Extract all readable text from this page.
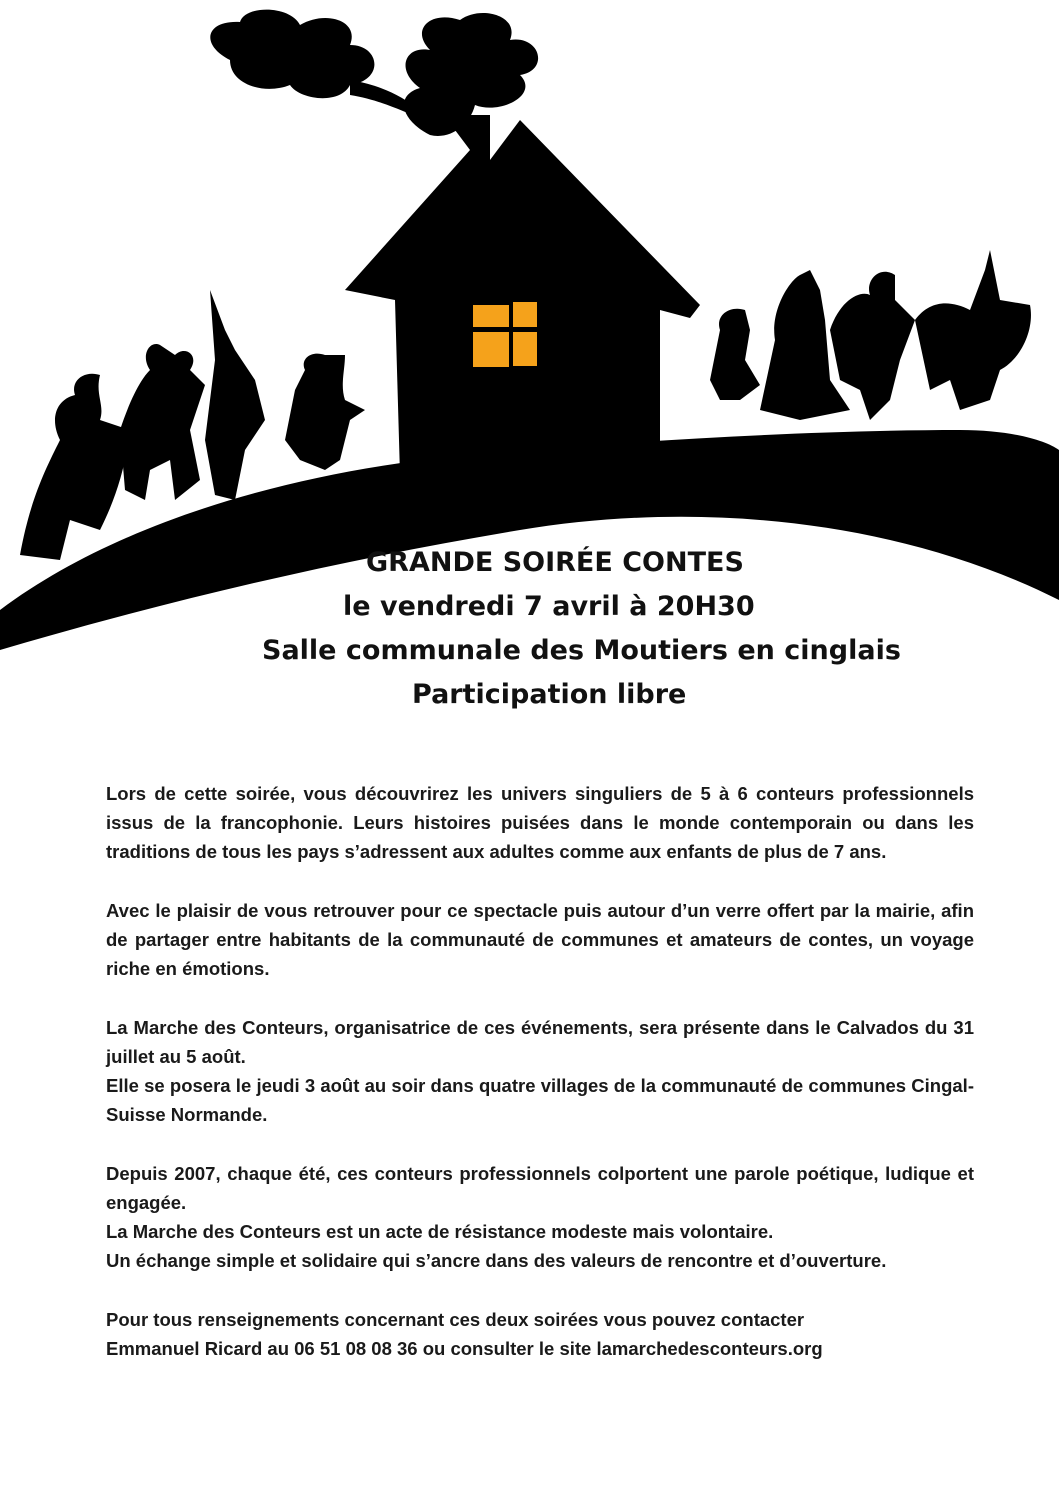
GRANDE SOIRÉE CONTES
le vendredi 7 avril à 20H30
Salle communale des Moutiers en cinglais
Participation libre

Lors de cette soirée, vous découvrirez les univers singuliers de 5 à 6 conteurs professionnels issus de la francophonie. Leurs histoires puisées dans le monde contemporain ou dans les traditions de tous les pays s’adressent aux adultes comme aux enfants de plus de 7 ans.

Avec le plaisir de vous retrouver pour ce spectacle puis autour d’un verre offert par la mairie, afin de partager entre habitants de la communauté de communes et amateurs de contes, un voyage riche en émotions.

La Marche des Conteurs, organisatrice de ces événements, sera présente dans le Calvados du 31 juillet au 5 août.
Elle se posera le jeudi 3 août au soir dans quatre villages de la communauté de communes Cingal-Suisse Normande.
Depuis 2007, chaque été, ces conteurs professionnels colportent une parole poétique, ludique et engagée.
La Marche des Conteurs est un acte de résistance modeste mais volontaire.
Un échange simple et solidaire qui s’ancre dans des valeurs de rencontre et d’ouverture.
Pour tous renseignements concernant ces deux soirées vous pouvez contacter
Emmanuel Ricard au 06 51 08 08 36 ou consulter le site lamarchedesconteurs.org
